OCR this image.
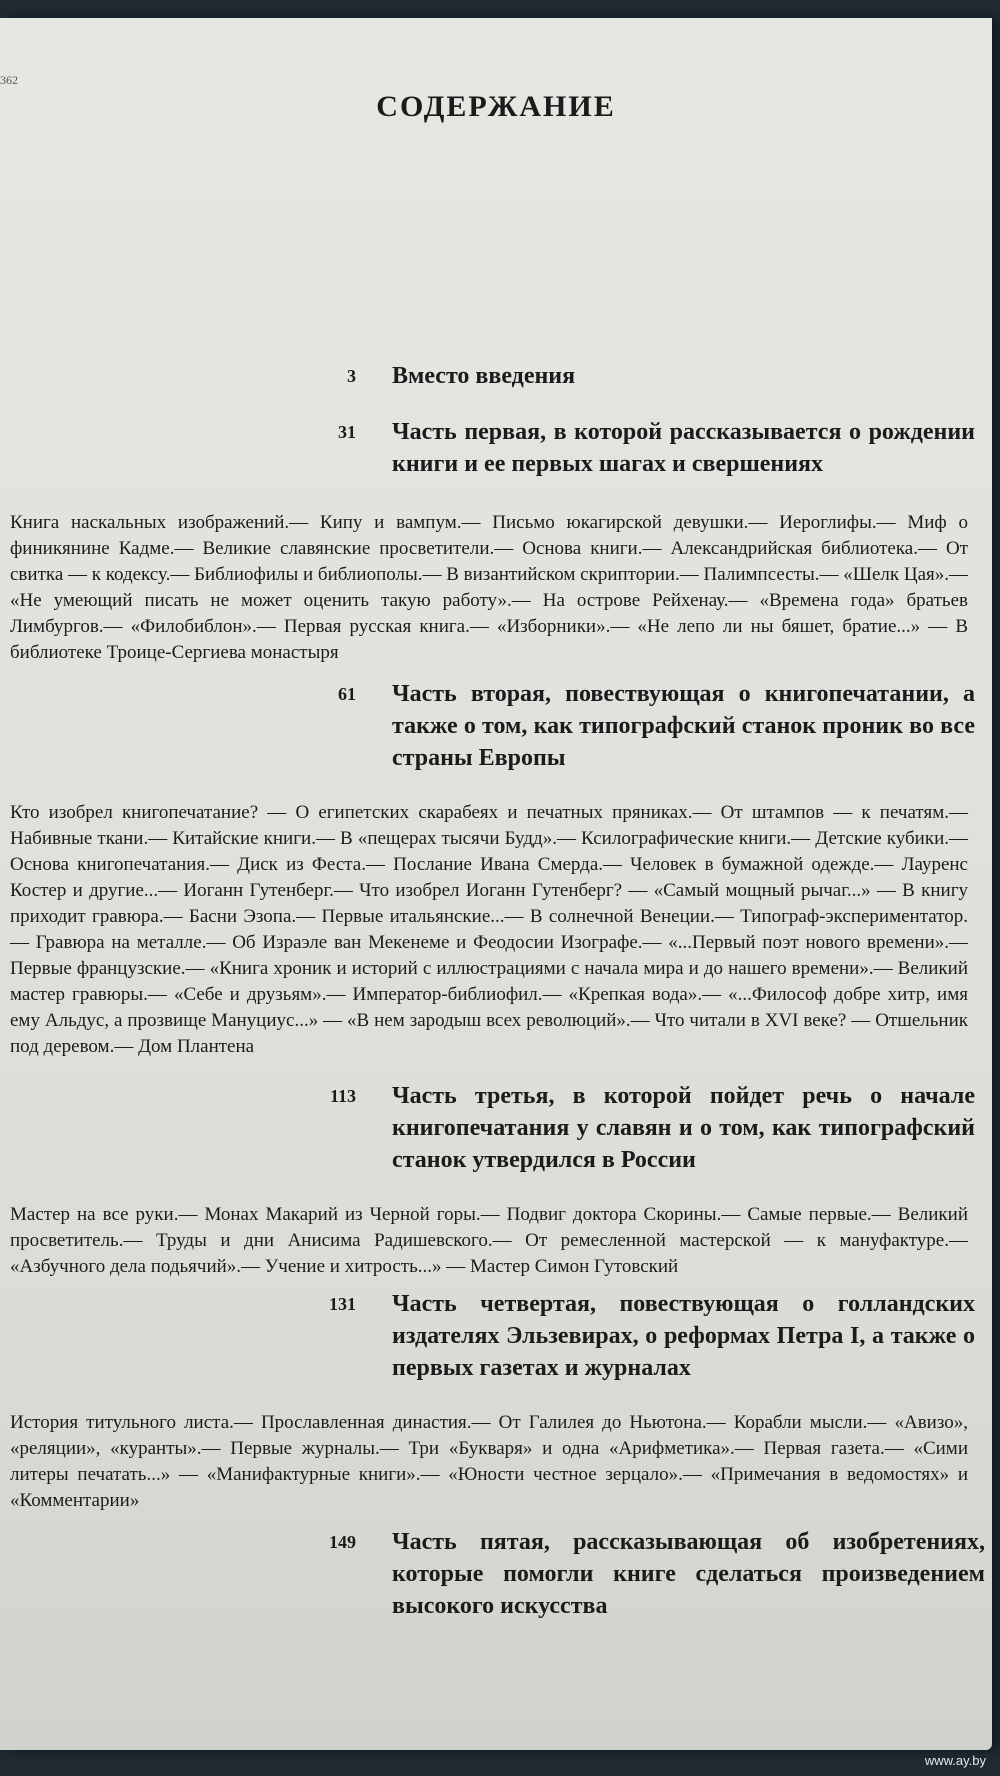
362
СОДЕРЖАНИЕ
3 Вместо введения
31 Часть первая, в которой рассказывается о рождении книги и ее первых шагах и свершениях
Книга наскальных изображений.— Кипу и вампум.— Письмо юкагирской девушки.— Иероглифы.— Миф о финикянине Кадме.— Великие славянские просветители.— Основа книги.— Александрийская библиотека.— От свитка — к кодексу.— Библиофилы и библиополы.— В византийском скриптории.— Палимпсесты.— «Шелк Цая».— «Не умеющий писать не может оценить такую работу».— На острове Рейхенау.— «Времена года» братьев Лимбургов.— «Филобиблон».— Первая русская книга.— «Изборники».— «Не лепо ли ны бяшет, братие...» — В библиотеке Троице-Сергиева монастыря
61 Часть вторая, повествующая о книгопечатании, а также о том, как типографский станок проник во все страны Европы
Кто изобрел книгопечатание? — О египетских скарабеях и печатных пряниках.— От штампов — к печатям.— Набивные ткани.— Китайские книги.— В «пещерах тысячи Будд».— Ксилографические книги.— Детские кубики.— Основа книгопечатания.— Диск из Феста.— Послание Ивана Смерда.— Человек в бумажной одежде.— Лауренс Костер и другие...— Иоганн Гутенберг.— Что изобрел Иоганн Гутенберг? — «Самый мощный рычаг...» — В книгу приходит гравюра.— Басни Эзопа.— Первые итальянские...— В солнечной Венеции.— Типограф-экспериментатор.— Гравюра на металле.— Об Израэле ван Мекенеме и Феодосии Изографе.— «...Первый поэт нового времени».— Первые французские.— «Книга хроник и историй с иллюстрациями с начала мира и до нашего времени».— Великий мастер гравюры.— «Себе и друзьям».— Император-библиофил.— «Крепкая вода».— «...Философ добре хитр, имя ему Альдус, а прозвище Мануциус...» — «В нем зародыш всех революций».— Что читали в XVI веке? — Отшельник под деревом.— Дом Плантена
113 Часть третья, в которой пойдет речь о начале книгопечатания у славян и о том, как типографский станок утвердился в России
Мастер на все руки.— Монах Макарий из Черной горы.— Подвиг доктора Скорины.— Самые первые.— Великий просветитель.— Труды и дни Анисима Радишевского.— От ремесленной мастерской — к мануфактуре.— «Азбучного дела подьячий».— Учение и хитрость...» — Мастер Симон Гутовский
131 Часть четвертая, повествующая о голландских издателях Эльзевирах, о реформах Петра I, а также о первых газетах и журналах
История титульного листа.— Прославленная династия.— От Галилея до Ньютона.— Корабли мысли.— «Авизо», «реляции», «куранты».— Первые журналы.— Три «Букваря» и одна «Арифметика».— Первая газета.— «Сими литеры печатать...» — «Манифактурные книги».— «Юности честное зерцало».— «Примечания в ведомостях» и «Комментарии»
149 Часть пятая, рассказывающая об изобретениях, которые помогли книге сделаться произведением высокого искусства
www.ay.by
